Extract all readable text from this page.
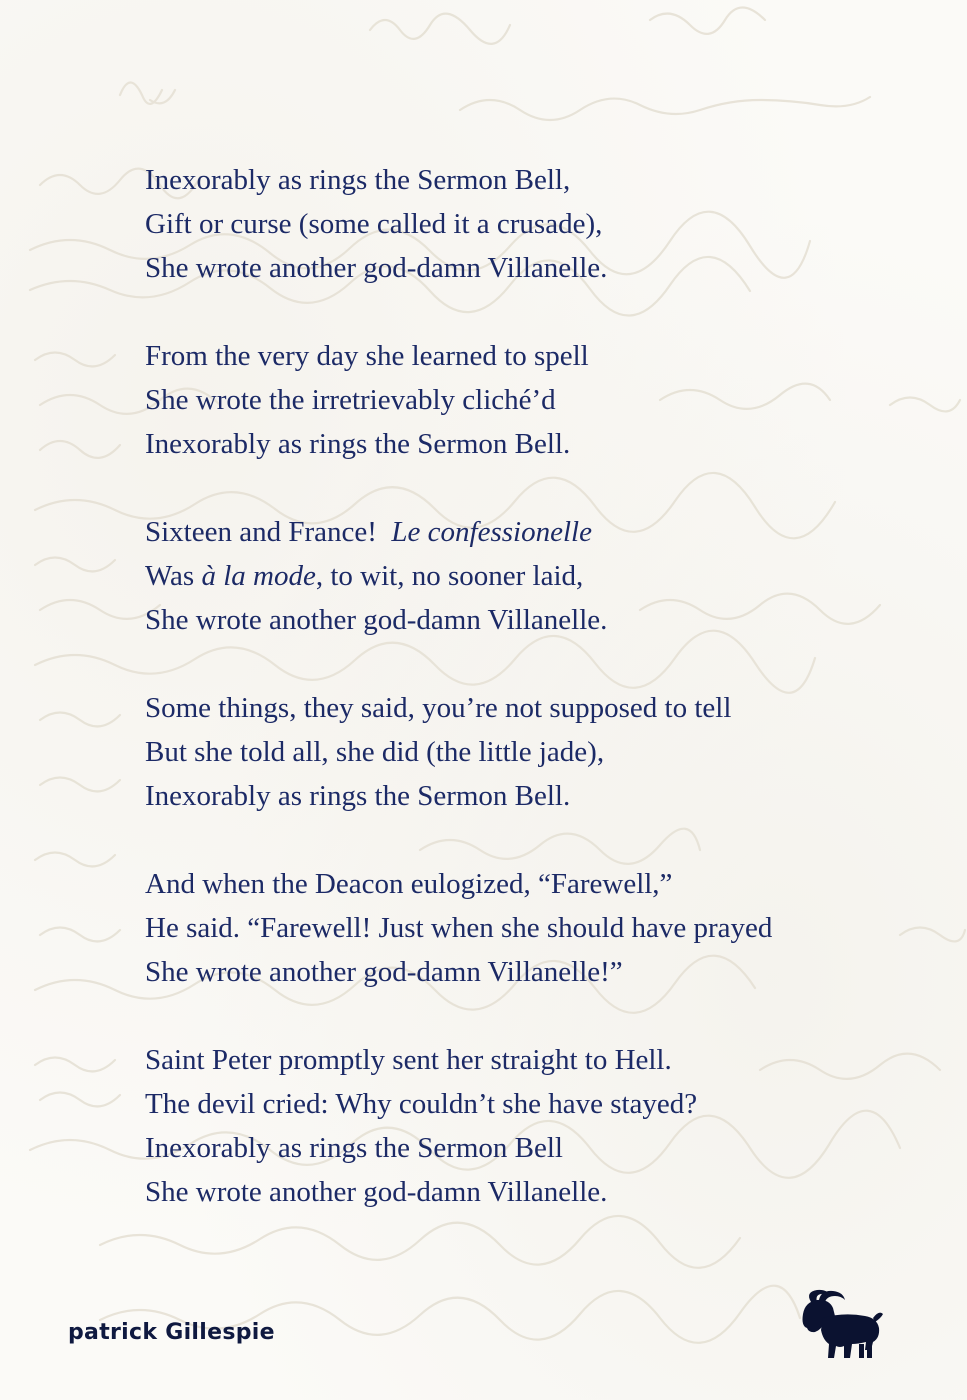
Inexorably as rings the Sermon Bell,
Gift or curse (some called it a crusade),
She wrote another god-damn Villanelle.
From the very day she learned to spell
She wrote the irretrievably cliché’d
Inexorably as rings the Sermon Bell.
Sixteen and France!  Le confessionelle
Was à la mode, to wit, no sooner laid,
She wrote another god-damn Villanelle.
Some things, they said, you’re not supposed to tell
But she told all, she did (the little jade),
Inexorably as rings the Sermon Bell.
And when the Deacon eulogized, “Farewell,”
He said. “Farewell! Just when she should have prayed
She wrote another god-damn Villanelle!”
Saint Peter promptly sent her straight to Hell.
The devil cried: Why couldn’t she have stayed?
Inexorably as rings the Sermon Bell
She wrote another god-damn Villanelle.
patrick Gillespie
